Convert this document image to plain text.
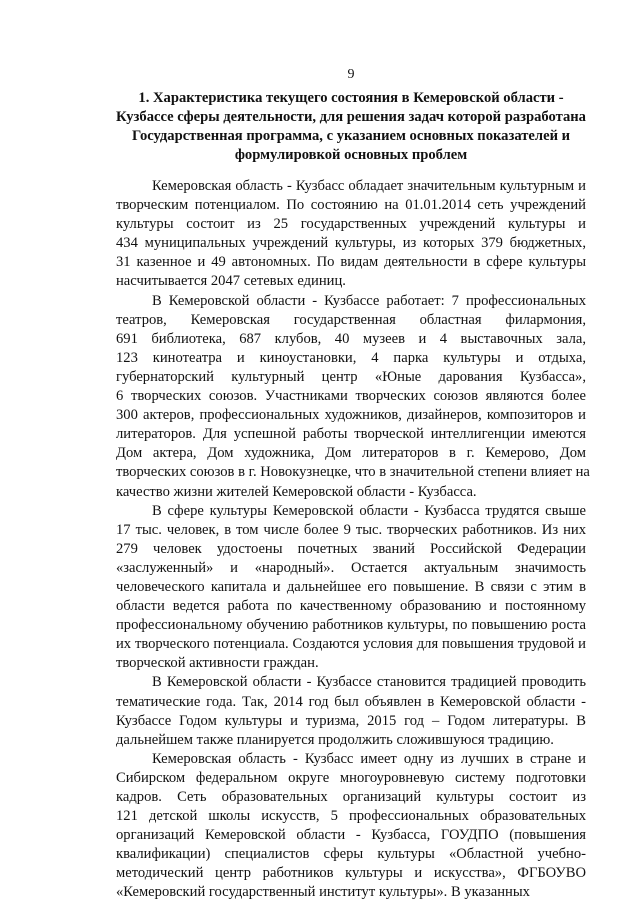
9
1. Характеристика текущего состояния в Кемеровской области -
Кузбассе сферы деятельности, для решения задач которой разработана
Государственная программа, с указанием основных показателей и
формулировкой основных проблем
Кемеровская область - Кузбасс обладает значительным культурным и
творческим потенциалом. По состоянию на 01.01.2014 сеть учреждений
культуры состоит из 25 государственных учреждений культуры и
434 муниципальных учреждений культуры, из которых 379 бюджетных,
31 казенное и 49 автономных. По видам деятельности в сфере культуры
насчитывается 2047 сетевых единиц.
В Кемеровской области - Кузбассе работает: 7 профессиональных
театров, Кемеровская государственная областная филармония,
691 библиотека, 687 клубов, 40 музеев и 4 выставочных зала,
123 кинотеатра и киноустановки, 4 парка культуры и отдыха,
губернаторский культурный центр «Юные дарования Кузбасса»,
6 творческих союзов. Участниками творческих союзов являются более
300 актеров, профессиональных художников, дизайнеров, композиторов и
литераторов. Для успешной работы творческой интеллигенции имеются
Дом актера, Дом художника, Дом литераторов в г. Кемерово, Дом
творческих союзов в г. Новокузнецке, что в значительной степени влияет на
качество жизни жителей Кемеровской области - Кузбасса.
В сфере культуры Кемеровской области - Кузбасса трудятся свыше
17 тыс. человек, в том числе более 9 тыс. творческих работников. Из них
279 человек удостоены почетных званий Российской Федерации
«заслуженный» и «народный». Остается актуальным значимость
человеческого капитала и дальнейшее его повышение. В связи с этим в
области ведется работа по качественному образованию и постоянному
профессиональному обучению работников культуры, по повышению роста
их творческого потенциала. Создаются условия для повышения трудовой и
творческой активности граждан.
В Кемеровской области - Кузбассе становится традицией проводить
тематические года. Так, 2014 год был объявлен в Кемеровской области -
Кузбассе Годом культуры и туризма, 2015 год – Годом литературы. В
дальнейшем также планируется продолжить сложившуюся традицию.
Кемеровская область - Кузбасс имеет одну из лучших в стране и
Сибирском федеральном округе многоуровневую систему подготовки
кадров. Сеть образовательных организаций культуры состоит из
121 детской школы искусств, 5 профессиональных образовательных
организаций Кемеровской области - Кузбасса, ГОУДПО (повышения
квалификации) специалистов сферы культуры «Областной учебно-
методический центр работников культуры и искусства», ФГБОУВО
«Кемеровский государственный институт культуры». В указанных
